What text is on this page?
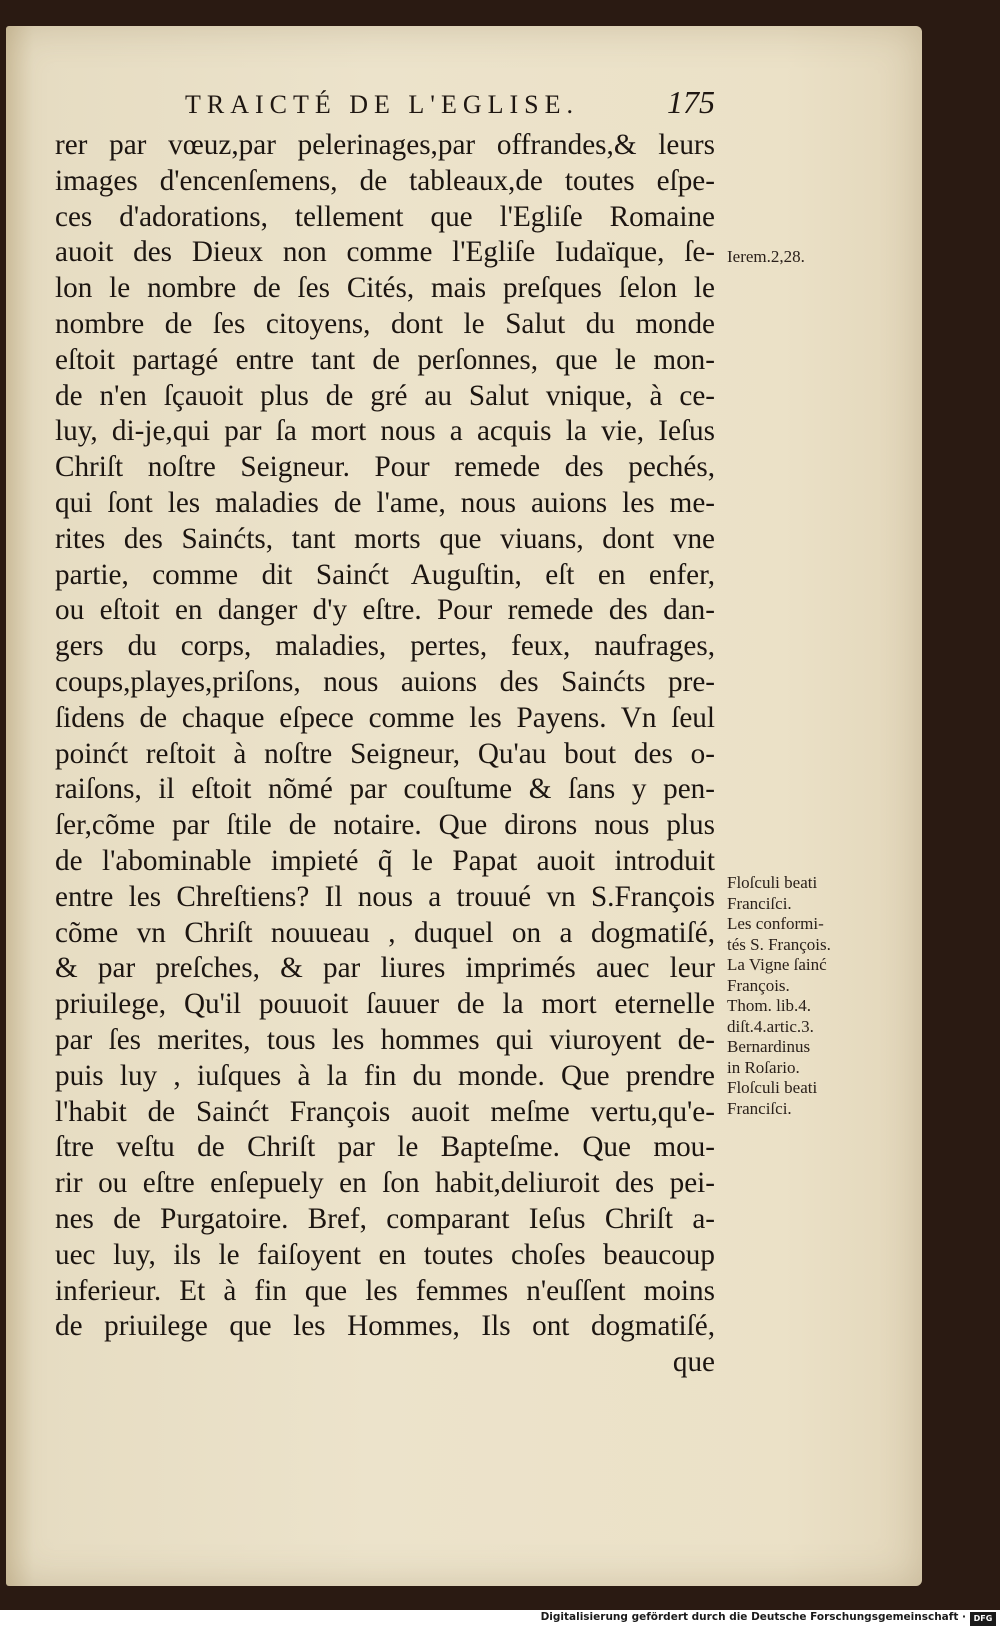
TRAICTÉ DE L'EGLISE.	175
rer par vœuz,par pelerinages,par offrandes,& leurs
images d'encenſemens, de tableaux,de toutes eſpe-
ces d'adorations, tellement que l'Egliſe Romaine
auoit des Dieux non comme l'Egliſe Iudaïque, ſe-
lon le nombre de ſes Cités, mais preſques ſelon le
nombre de ſes citoyens, dont le Salut du monde
eſtoit partagé entre tant de perſonnes, que le mon-
de n'en ſçauoit plus de gré au Salut vnique, à ce-
luy, di-je,qui par ſa mort nous a acquis la vie, Ieſus
Chriſt noſtre Seigneur. Pour remede des pechés,
qui ſont les maladies de l'ame, nous auions les me-
rites des Sainćts, tant morts que viuans, dont vne
partie, comme dit Sainćt Auguſtin, eſt en enfer,
ou eſtoit en danger d'y eſtre. Pour remede des dan-
gers du corps, maladies, pertes, feux, naufrages,
coups,playes,priſons, nous auions des Sainćts pre-
ſidens de chaque eſpece comme les Payens. Vn ſeul
poinćt reſtoit à noſtre Seigneur, Qu'au bout des o-
raiſons, il eſtoit nõmé par couſtume & ſans y pen-
ſer,cõme par ſtile de notaire. Que dirons nous plus
de l'abominable impieté q̃ le Papat auoit introduit
entre les Chreſtiens? Il nous a trouué vn S.François
cõme vn Chriſt nouueau , duquel on a dogmatiſé,
& par preſches, & par liures imprimés auec leur
priuilege, Qu'il pouuoit ſauuer de la mort eternelle
par ſes merites, tous les hommes qui viuroyent de-
puis luy , iuſques à la fin du monde. Que prendre
l'habit de Sainćt François auoit meſme vertu,qu'e-
ſtre veſtu de Chriſt par le Bapteſme. Que mou-
rir ou eſtre enſepuely en ſon habit,deliuroit des pei-
nes de Purgatoire. Bref, comparant Ieſus Chriſt a-
uec luy, ils le faiſoyent en toutes choſes beaucoup
inferieur. Et à fin que les femmes n'euſſent moins
de priuilege que les Hommes, Ils ont dogmatiſé,
que
Ierem.2,28.
Floſculi beati
Franciſci.
Les conformi-
tés S. François.
La Vigne ſainć
François.
Thom. lib.4.
diſt.4.artic.3.
Bernardinus
in Roſario.
Floſculi beati
Franciſci.
Digitalisierung gefördert durch die Deutsche Forschungsgemeinschaft · DFG
